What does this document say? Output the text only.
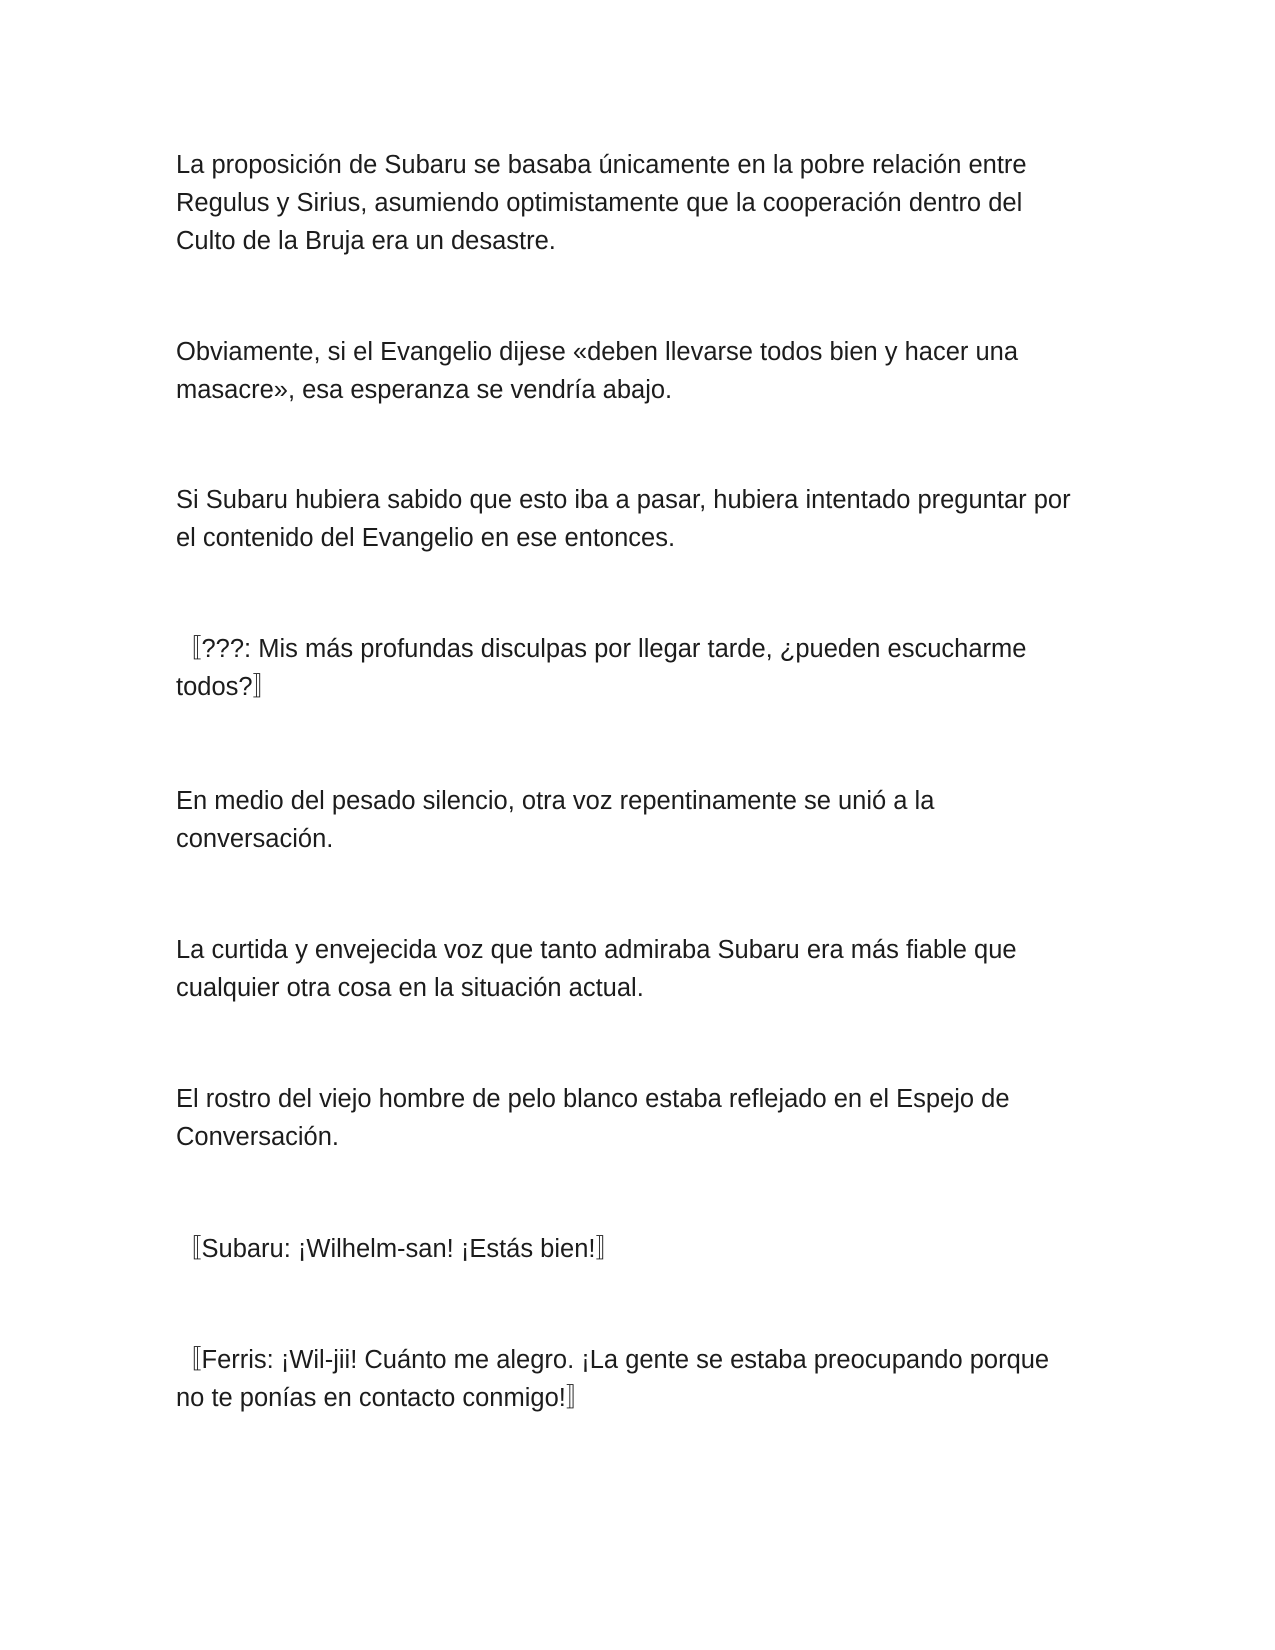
La proposición de Subaru se basaba únicamente en la pobre relación entre Regulus y Sirius, asumiendo optimistamente que la cooperación dentro del Culto de la Bruja era un desastre.

Obviamente, si el Evangelio dijese «deben llevarse todos bien y hacer una masacre», esa esperanza se vendría abajo.

Si Subaru hubiera sabido que esto iba a pasar, hubiera intentado preguntar por el contenido del Evangelio en ese entonces.

〚???: Mis más profundas disculpas por llegar tarde, ¿pueden escucharme todos?〛

En medio del pesado silencio, otra voz repentinamente se unió a la conversación.

La curtida y envejecida voz que tanto admiraba Subaru era más fiable que cualquier otra cosa en la situación actual.

El rostro del viejo hombre de pelo blanco estaba reflejado en el Espejo de Conversación.

〚Subaru: ¡Wilhelm-san! ¡Estás bien!〛

〚Ferris: ¡Wil-jii! Cuánto me alegro. ¡La gente se estaba preocupando porque no te ponías en contacto conmigo!〛
